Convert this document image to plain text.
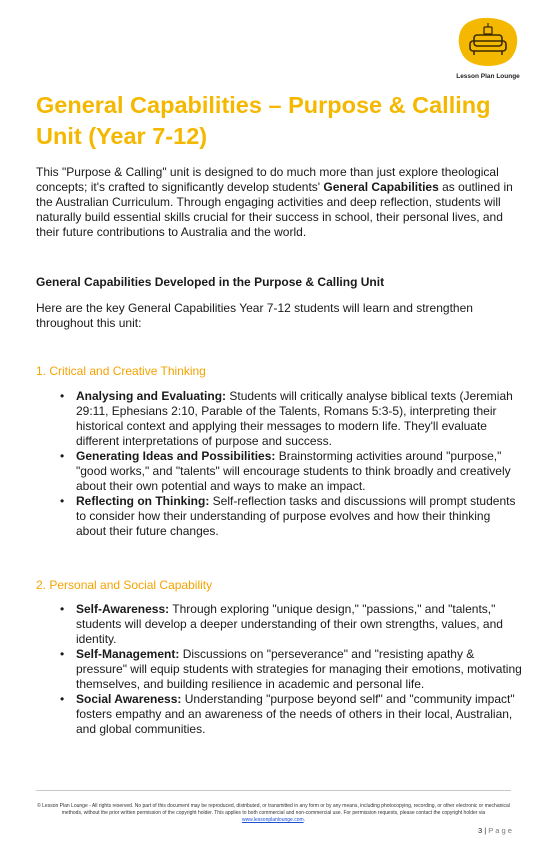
Lesson Plan Lounge
General Capabilities – Purpose & Calling Unit (Year 7-12)

This "Purpose & Calling" unit is designed to do much more than just explore theological concepts; it's crafted to significantly develop students' General Capabilities as outlined in the Australian Curriculum. Through engaging activities and deep reflection, students will naturally build essential skills crucial for their success in school, their personal lives, and their future contributions to Australia and the world.

General Capabilities Developed in the Purpose & Calling Unit

Here are the key General Capabilities Year 7-12 students will learn and strengthen throughout this unit:

1. Critical and Creative Thinking
• Analysing and Evaluating: Students will critically analyse biblical texts (Jeremiah 29:11, Ephesians 2:10, Parable of the Talents, Romans 5:3-5), interpreting their historical context and applying their messages to modern life. They'll evaluate different interpretations of purpose and success.
• Generating Ideas and Possibilities: Brainstorming activities around "purpose," "good works," and "talents" will encourage students to think broadly and creatively about their own potential and ways to make an impact.
• Reflecting on Thinking: Self-reflection tasks and discussions will prompt students to consider how their understanding of purpose evolves and how their thinking about their future changes.
2. Personal and Social Capability
• Self-Awareness: Through exploring "unique design," "passions," and "talents," students will develop a deeper understanding of their own strengths, values, and identity.
• Self-Management: Discussions on "perseverance" and "resisting apathy & pressure" will equip students with strategies for managing their emotions, motivating themselves, and building resilience in academic and personal life.
• Social Awareness: Understanding "purpose beyond self" and "community impact" fosters empathy and an awareness of the needs of others in their local, Australian, and global communities.

© Lesson Plan Lounge - All rights reserved. No part of this document may be reproduced, distributed, or transmitted in any form or by any means, including photocopying, recording, or other electronic or mechanical methods, without the prior written permission of the copyright holder. This applies to both commercial and non-commercial use. For permission requests, please contact the copyright holder via www.lessonplanlounge.com.

3 | P a g e
